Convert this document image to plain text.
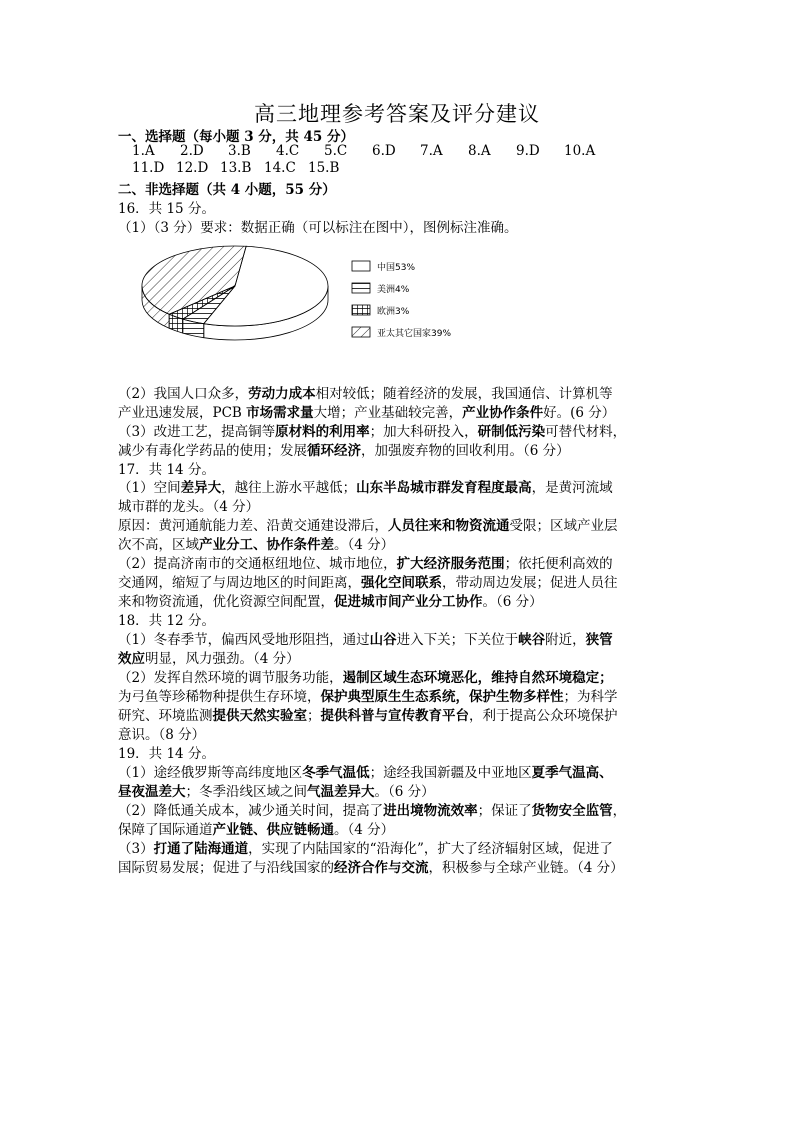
高三地理参考答案及评分建议
一、选择题（每小题 3 分，共 45 分）
1.A	2.D	3.B	4.C	5.C	6.D	7.A	8.A	9.D	10.A
11.D 12.D 13.B 14.C 15.B
二、非选择题（共 4 小题，55 分）
16．共 15 分。
（1）（3 分）要求：数据正确（可以标注在图中），图例标注准确。
中国53%
美洲4%
欧洲3%
亚太其它国家39%
（2）我国人口众多，劳动力成本相对较低；随着经济的发展，我国通信、计算机等
产业迅速发展，PCB 市场需求量大增；产业基础较完善，产业协作条件好。(6 分）
（3）改进工艺，提高铜等原材料的利用率；加大科研投入，研制低污染可替代材料，
减少有毒化学药品的使用；发展循环经济，加强废弃物的回收利用。（6 分）
17．共 14 分。
（1）空间差异大，越往上游水平越低；山东半岛城市群发育程度最高，是黄河流域
城市群的龙头。（4 分）
原因：黄河通航能力差、沿黄交通建设滞后，人员往来和物资流通受限；区域产业层
次不高，区域产业分工、协作条件差。（4 分）
（2）提高济南市的交通枢纽地位、城市地位，扩大经济服务范围；依托便利高效的
交通网，缩短了与周边地区的时间距离，强化空间联系，带动周边发展；促进人员往
来和物资流通，优化资源空间配置，促进城市间产业分工协作。（6 分）
18．共 12 分。
（1）冬春季节，偏西风受地形阻挡，通过山谷进入下关；下关位于峡谷附近，狭管
效应明显，风力强劲。（4 分）
（2）发挥自然环境的调节服务功能，遏制区域生态环境恶化，维持自然环境稳定；
为弓鱼等珍稀物种提供生存环境，保护典型原生生态系统，保护生物多样性；为科学
研究、环境监测提供天然实验室；提供科普与宣传教育平台，利于提高公众环境保护
意识。（8 分）
19．共 14 分。
（1）途经俄罗斯等高纬度地区冬季气温低；途经我国新疆及中亚地区夏季气温高、
昼夜温差大；冬季沿线区域之间气温差异大。（6 分）
（2）降低通关成本，减少通关时间，提高了进出境物流效率；保证了货物安全监管，
保障了国际通道产业链、供应链畅通。（4 分）
（3）打通了陆海通道，实现了内陆国家的“沿海化”，扩大了经济辐射区域，促进了
国际贸易发展；促进了与沿线国家的经济合作与交流，积极参与全球产业链。（4 分）
